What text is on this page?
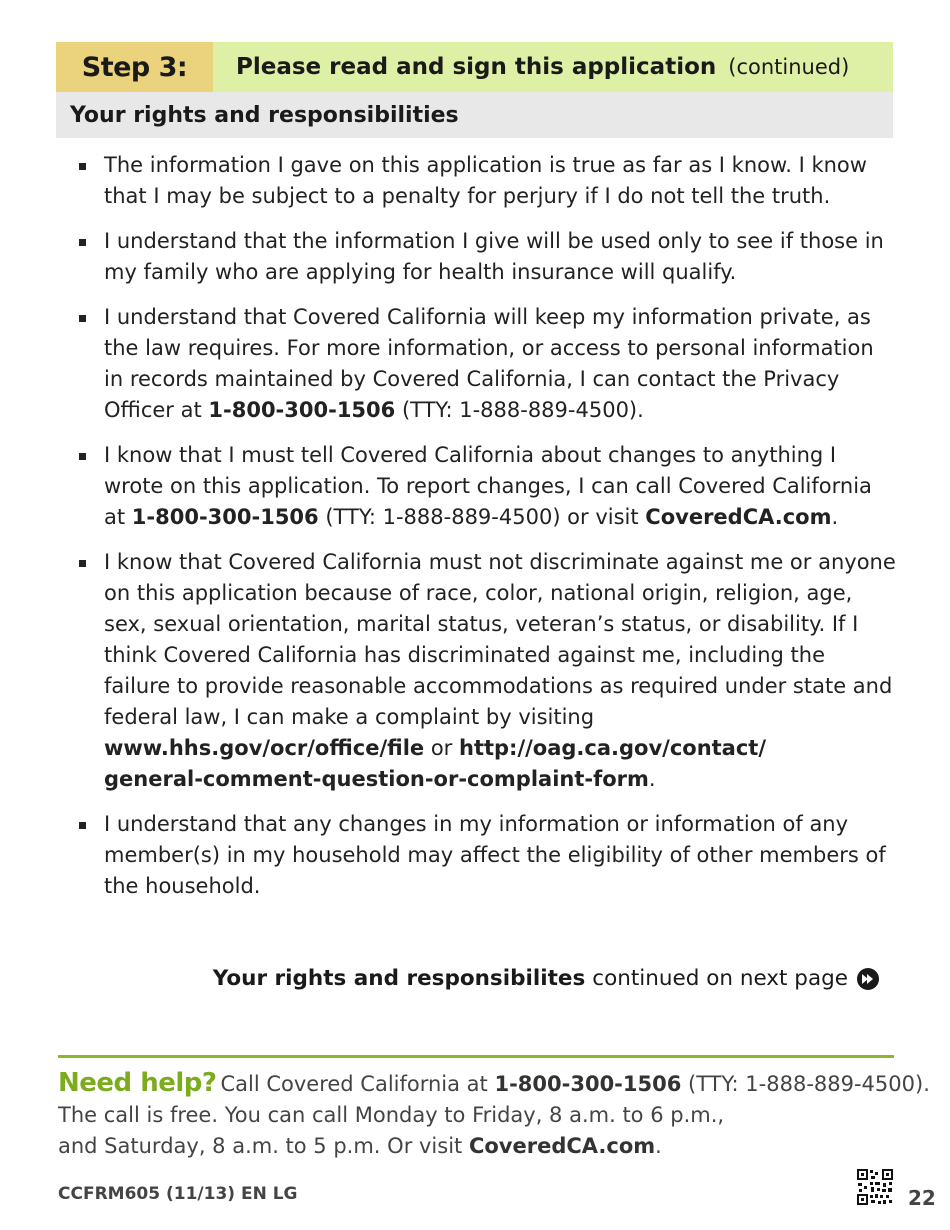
Step 3:	Please read and sign this application (continued)
Your rights and responsibilities
The information I gave on this application is true as far as I know. I know that I may be subject to a penalty for perjury if I do not tell the truth.
I understand that the information I give will be used only to see if those in my family who are applying for health insurance will qualify.
I understand that Covered California will keep my information private, as the law requires. For more information, or access to personal information in records maintained by Covered California, I can contact the Privacy Officer at 1-800-300-1506 (TTY: 1-888-889-4500).
I know that I must tell Covered California about changes to anything I wrote on this application. To report changes, I can call Covered California at 1-800-300-1506 (TTY: 1-888-889-4500) or visit CoveredCA.com.
I know that Covered California must not discriminate against me or anyone on this application because of race, color, national origin, religion, age, sex, sexual orientation, marital status, veteran’s status, or disability. If I think Covered California has discriminated against me, including the failure to provide reasonable accommodations as required under state and federal law, I can make a complaint by visiting www.hhs.gov/ocr/office/file or http://oag.ca.gov/contact/
general-comment-question-or-complaint-form.
I understand that any changes in my information or information of any member(s) in my household may affect the eligibility of other members of the household.
Your rights and responsibilites continued on next page
Need help? Call Covered California at 1-800-300-1506 (TTY: 1-888-889-4500).
The call is free. You can call Monday to Friday, 8 a.m. to 6 p.m.,
and Saturday, 8 a.m. to 5 p.m. Or visit CoveredCA.com.
CCFRM605 (11/13) EN LG	22
